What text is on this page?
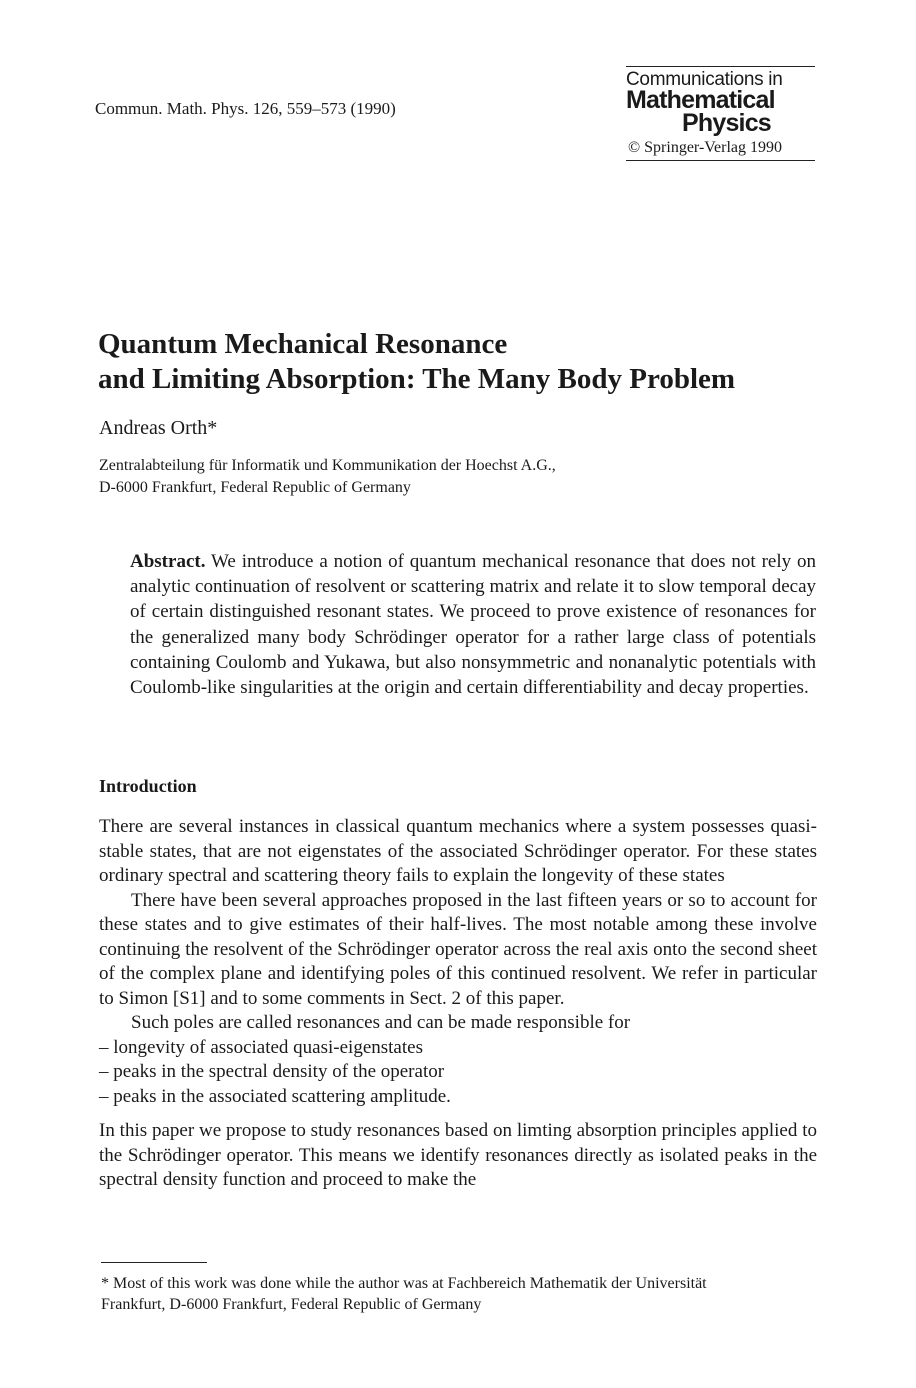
Commun. Math. Phys. 126, 559–573 (1990)
Communications in
Mathematical
Physics
© Springer-Verlag 1990
Quantum Mechanical Resonance
and Limiting Absorption: The Many Body Problem
Andreas Orth*
Zentralabteilung für Informatik und Kommunikation der Hoechst A.G.,
D-6000 Frankfurt, Federal Republic of Germany
Abstract. We introduce a notion of quantum mechanical resonance that does not rely on analytic continuation of resolvent or scattering matrix and relate it to slow temporal decay of certain distinguished resonant states. We proceed to prove existence of resonances for the generalized many body Schrödinger operator for a rather large class of potentials containing Coulomb and Yukawa, but also nonsymmetric and nonanalytic potentials with Coulomb-like singularities at the origin and certain differentiability and decay properties.
Introduction

There are several instances in classical quantum mechanics where a system possesses quasi-stable states, that are not eigenstates of the associated Schrödinger operator. For these states ordinary spectral and scattering theory fails to explain the longevity of these states

There have been several approaches proposed in the last fifteen years or so to account for these states and to give estimates of their half-lives. The most notable among these involve continuing the resolvent of the Schrödinger operator across the real axis onto the second sheet of the complex plane and identifying poles of this continued resolvent. We refer in particular to Simon [S1] and to some comments in Sect. 2 of this paper.

Such poles are called resonances and can be made responsible for

– longevity of associated quasi-eigenstates

– peaks in the spectral density of the operator

– peaks in the associated scattering amplitude.

In this paper we propose to study resonances based on limting absorption principles applied to the Schrödinger operator. This means we identify resonances directly as isolated peaks in the spectral density function and proceed to make the

* Most of this work was done while the author was at Fachbereich Mathematik der Universität
Frankfurt, D-6000 Frankfurt, Federal Republic of Germany
